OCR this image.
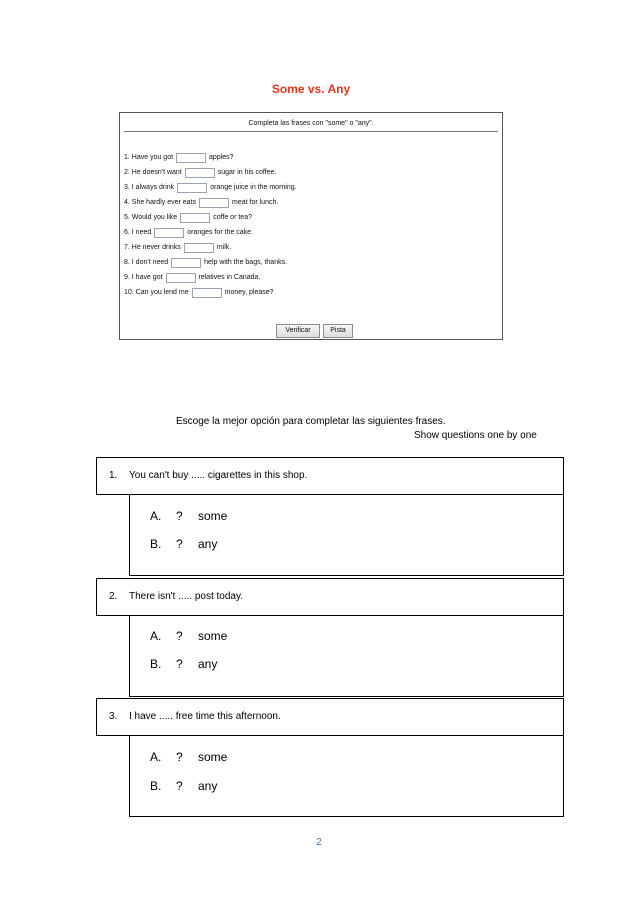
Some vs. Any
Completa las frases con "some" o "any".
1. Have you got	apples?
2. He doesn't want	sugar in his coffee.
3. I always drink	orange juice in the morning.
4. She hardly ever eats	meat for lunch.
5. Would you like	coffe or tea?
6. I need	oranges for the cake.
7. He never drinks	milk.
8. I don't need	help with the bags, thanks.
9. I have got	relatives in Canada.
10. Can you lend me	money, please?
Verificar	Pista
Escoge la mejor opción para completar las siguientes frases.
Show questions one by one
1. You can't buy ..... cigarettes in this shop.
A. ? some
B. ? any
2. There isn't ..... post today.
A. ? some
B. ? any
3. I have ..... free time this afternoon.
A. ? some
B. ? any
2
